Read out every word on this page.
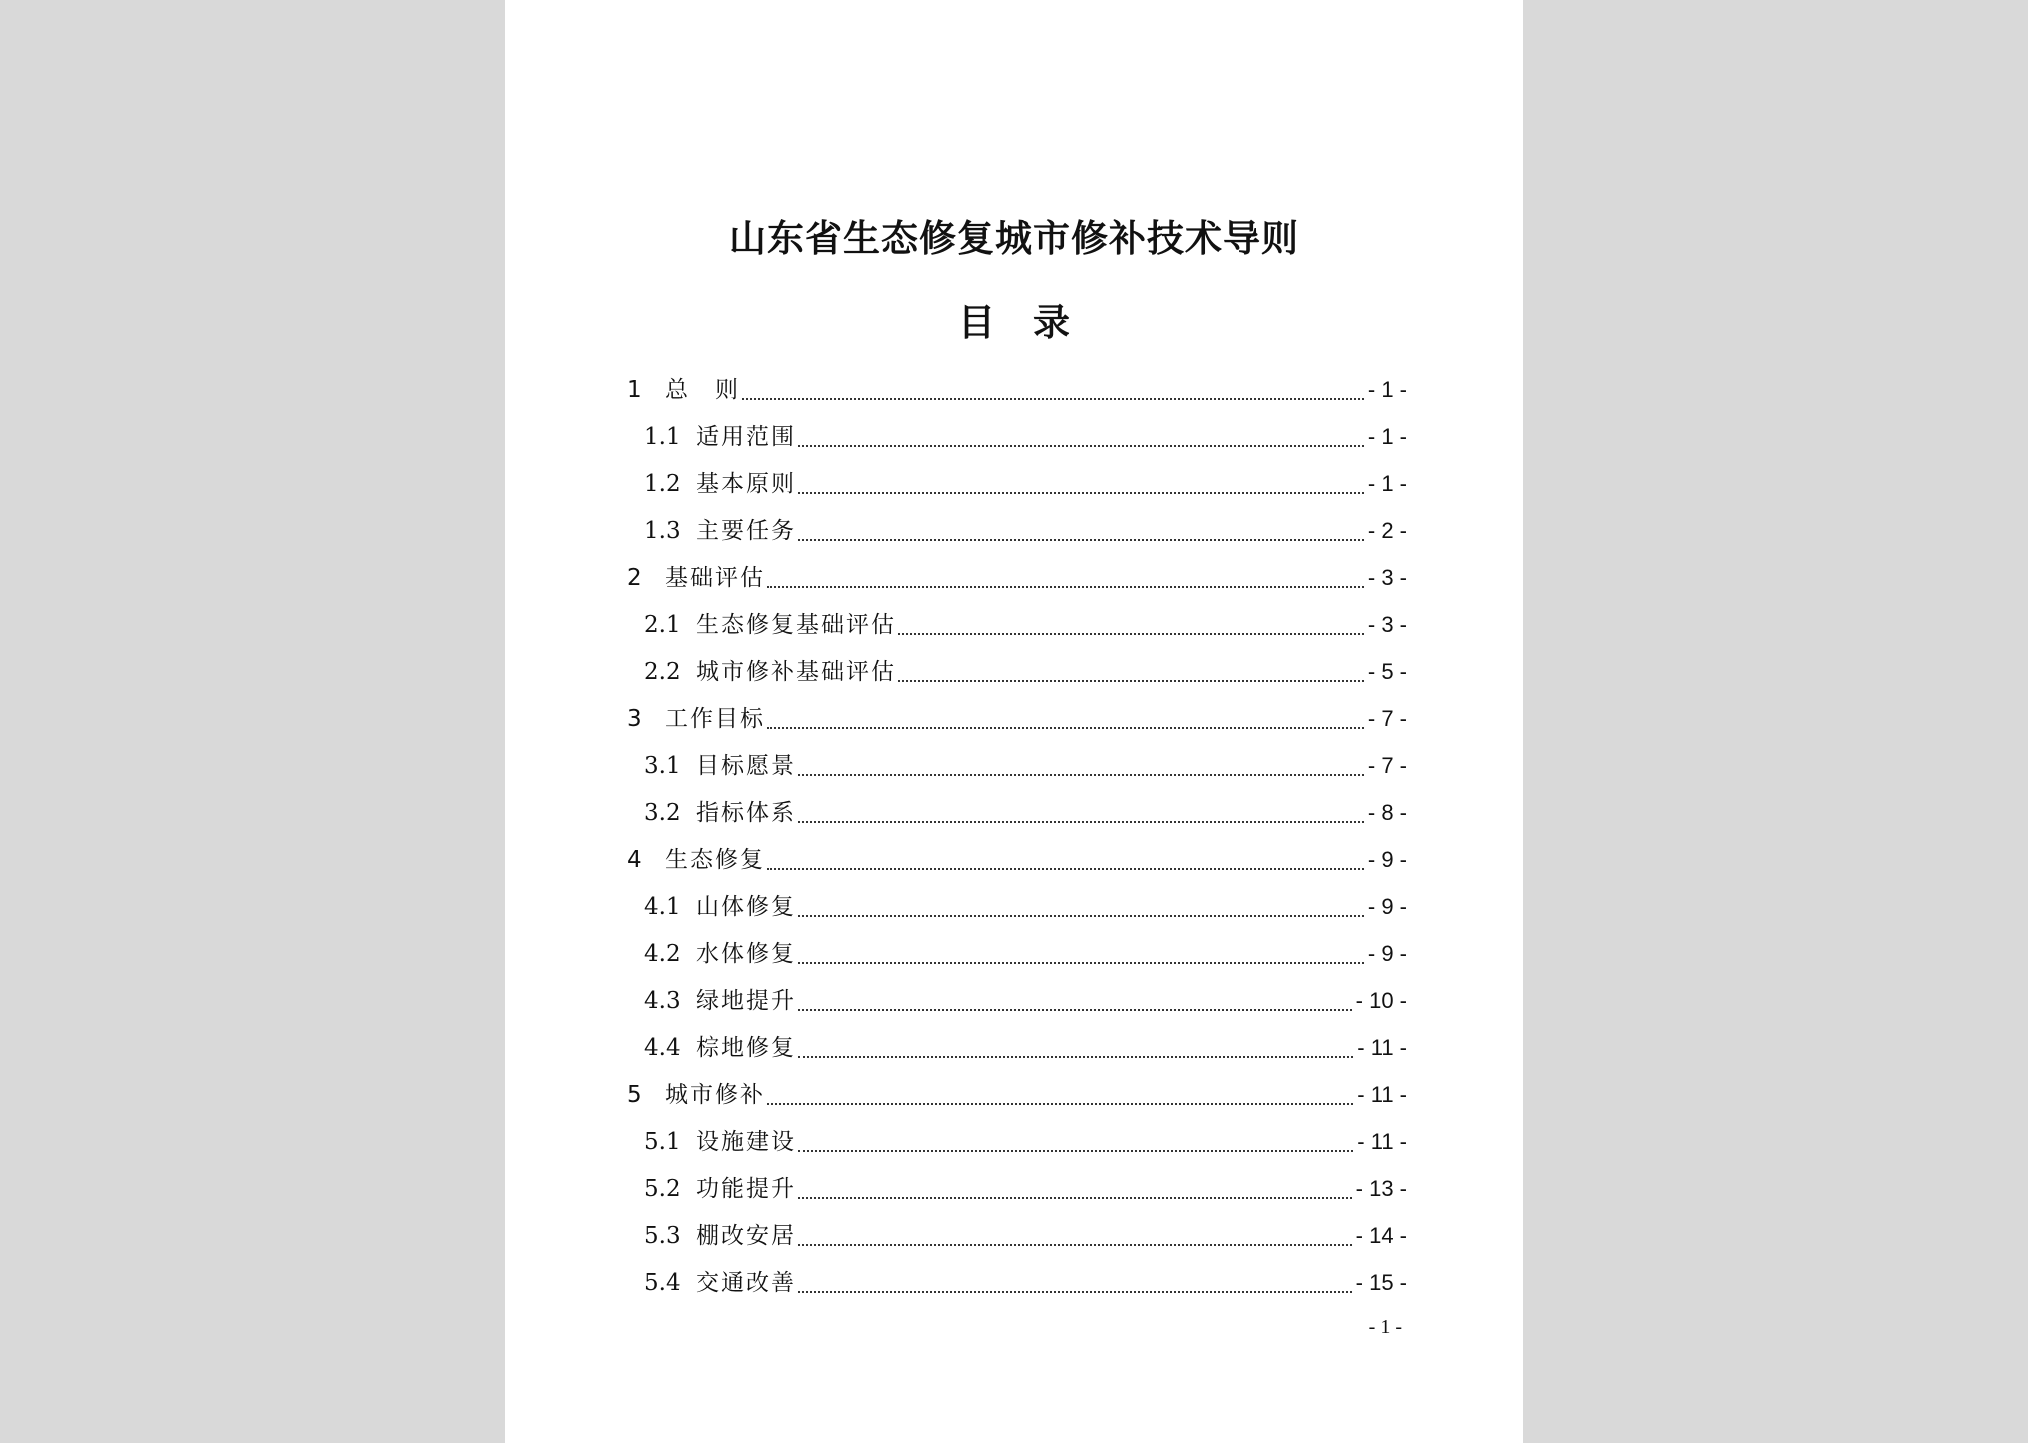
山东省生态修复城市修补技术导则
目 录
1	总　则	- 1 -
1.1 适用范围	- 1 -
1.2 基本原则	- 1 -
1.3 主要任务	- 2 -
2	基础评估	- 3 -
2.1 生态修复基础评估	- 3 -
2.2 城市修补基础评估	- 5 -
3	工作目标	- 7 -
3.1 目标愿景	- 7 -
3.2 指标体系	- 8 -
4	生态修复	- 9 -
4.1 山体修复	- 9 -
4.2 水体修复	- 9 -
4.3 绿地提升	- 10 -
4.4 棕地修复	- 11 -
5	城市修补	- 11 -
5.1 设施建设	- 11 -
5.2 功能提升	- 13 -
5.3 棚改安居	- 14 -
5.4 交通改善	- 15 -
- 1 -
